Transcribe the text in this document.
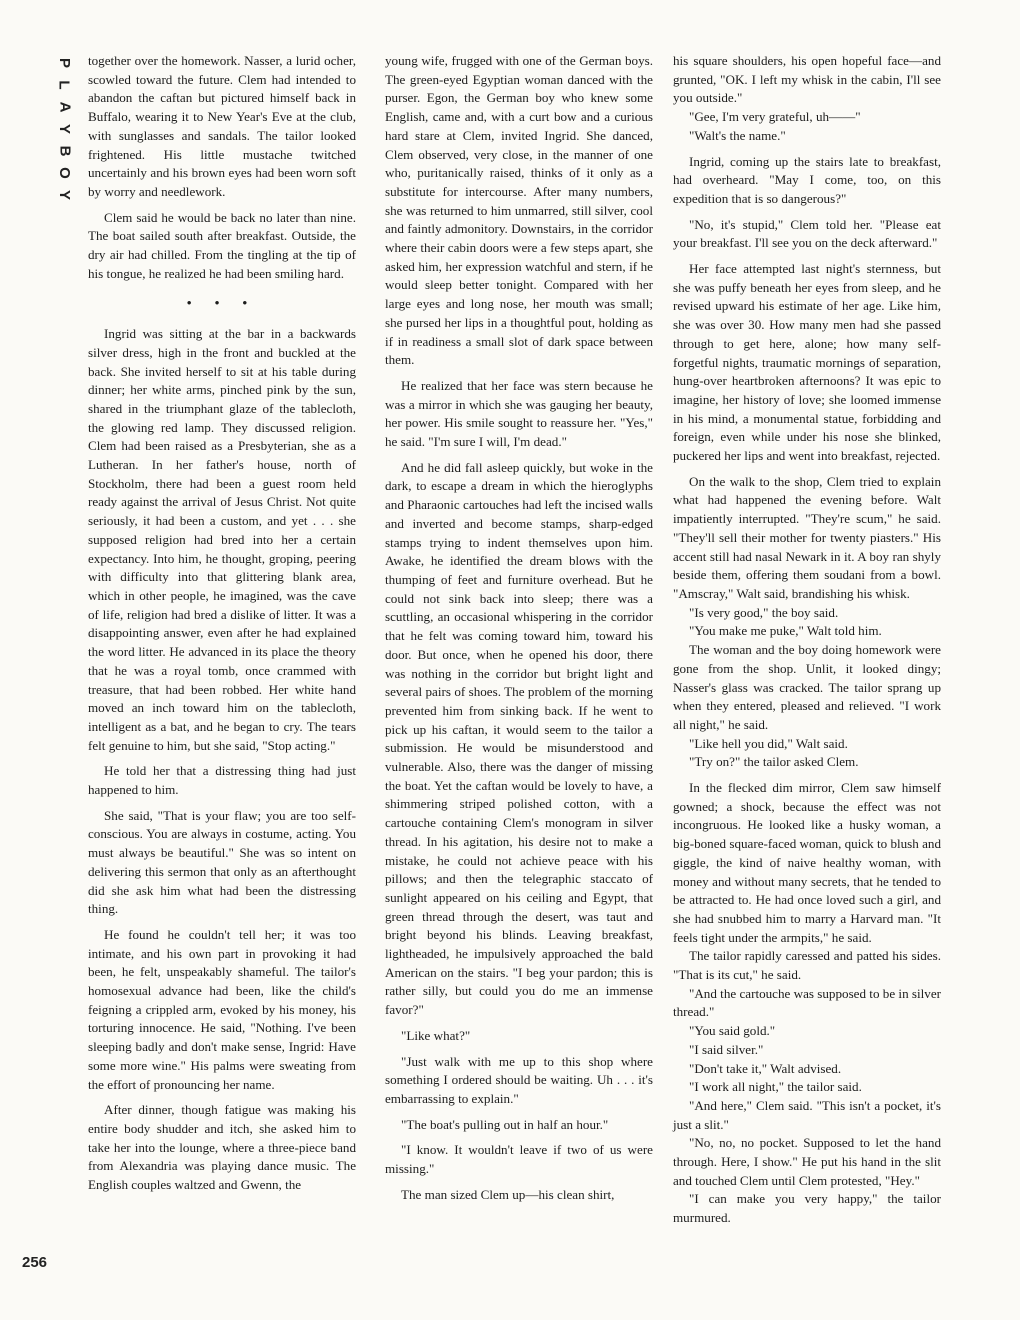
P
L
A
Y
B
O
Y
256

together over the homework. Nasser, a lurid ocher, scowled toward the future. Clem had intended to abandon the caftan but pictured himself back in Buffalo, wearing it to New Year's Eve at the club, with sunglasses and sandals. The tailor looked frightened. His little mustache twitched uncertainly and his brown eyes had been worn soft by worry and needlework.

Clem said he would be back no later than nine. The boat sailed south after breakfast. Outside, the dry air had chilled. From the tingling at the tip of his tongue, he realized he had been smiling hard.

• • •

Ingrid was sitting at the bar in a backwards silver dress, high in the front and buckled at the back. She invited herself to sit at his table during dinner; her white arms, pinched pink by the sun, shared in the triumphant glaze of the tablecloth, the glowing red lamp. They discussed religion. Clem had been raised as a Presbyterian, she as a Lutheran. In her father's house, north of Stockholm, there had been a guest room held ready against the arrival of Jesus Christ. Not quite seriously, it had been a custom, and yet . . . she supposed religion had bred into her a certain expectancy. Into him, he thought, groping, peering with difficulty into that glittering blank area, which in other people, he imagined, was the cave of life, religion had bred a dislike of litter. It was a disappointing answer, even after he had explained the word litter. He advanced in its place the theory that he was a royal tomb, once crammed with treasure, that had been robbed. Her white hand moved an inch toward him on the tablecloth, intelligent as a bat, and he began to cry. The tears felt genuine to him, but she said, "Stop acting."

He told her that a distressing thing had just happened to him.

She said, "That is your flaw; you are too self-conscious. You are always in costume, acting. You must always be beautiful." She was so intent on delivering this sermon that only as an afterthought did she ask him what had been the distressing thing.

He found he couldn't tell her; it was too intimate, and his own part in provoking it had been, he felt, unspeakably shameful. The tailor's homosexual advance had been, like the child's feigning a crippled arm, evoked by his money, his torturing innocence. He said, "Nothing. I've been sleeping badly and don't make sense, Ingrid: Have some more wine." His palms were sweating from the effort of pronouncing her name.

After dinner, though fatigue was making his entire body shudder and itch, she asked him to take her into the lounge, where a three-piece band from Alexandria was playing dance music. The English couples waltzed and Gwenn, the

young wife, frugged with one of the German boys. The green-eyed Egyptian woman danced with the purser. Egon, the German boy who knew some English, came and, with a curt bow and a curious hard stare at Clem, invited Ingrid. She danced, Clem observed, very close, in the manner of one who, puritanically raised, thinks of it only as a substitute for intercourse. After many numbers, she was returned to him unmarred, still silver, cool and faintly admonitory. Downstairs, in the corridor where their cabin doors were a few steps apart, she asked him, her expression watchful and stern, if he would sleep better tonight. Compared with her large eyes and long nose, her mouth was small; she pursed her lips in a thoughtful pout, holding as if in readiness a small slot of dark space between them.

He realized that her face was stern because he was a mirror in which she was gauging her beauty, her power. His smile sought to reassure her. "Yes," he said. "I'm sure I will, I'm dead."

And he did fall asleep quickly, but woke in the dark, to escape a dream in which the hieroglyphs and Pharaonic cartouches had left the incised walls and inverted and become stamps, sharp-edged stamps trying to indent themselves upon him. Awake, he identified the dream blows with the thumping of feet and furniture overhead. But he could not sink back into sleep; there was a scuttling, an occasional whispering in the corridor that he felt was coming toward him, toward his door. But once, when he opened his door, there was nothing in the corridor but bright light and several pairs of shoes. The problem of the morning prevented him from sinking back. If he went to pick up his caftan, it would seem to the tailor a submission. He would be misunderstood and vulnerable. Also, there was the danger of missing the boat. Yet the caftan would be lovely to have, a shimmering striped polished cotton, with a cartouche containing Clem's monogram in silver thread. In his agitation, his desire not to make a mistake, he could not achieve peace with his pillows; and then the telegraphic staccato of sunlight appeared on his ceiling and Egypt, that green thread through the desert, was taut and bright beyond his blinds. Leaving breakfast, lightheaded, he impulsively approached the bald American on the stairs. "I beg your pardon; this is rather silly, but could you do me an immense favor?"

"Like what?"

"Just walk with me up to this shop where something I ordered should be waiting. Uh . . . it's embarrassing to explain."

"The boat's pulling out in half an hour."

"I know. It wouldn't leave if two of us were missing."

The man sized Clem up—his clean shirt,

his square shoulders, his open hopeful face—and grunted, "OK. I left my whisk in the cabin, I'll see you outside."

"Gee, I'm very grateful, uh——"

"Walt's the name."

Ingrid, coming up the stairs late to breakfast, had overheard. "May I come, too, on this expedition that is so dangerous?"

"No, it's stupid," Clem told her. "Please eat your breakfast. I'll see you on the deck afterward."

Her face attempted last night's sternness, but she was puffy beneath her eyes from sleep, and he revised upward his estimate of her age. Like him, she was over 30. How many men had she passed through to get here, alone; how many self-forgetful nights, traumatic mornings of separation, hung-over heartbroken afternoons? It was epic to imagine, her history of love; she loomed immense in his mind, a monumental statue, forbidding and foreign, even while under his nose she blinked, puckered her lips and went into breakfast, rejected.

On the walk to the shop, Clem tried to explain what had happened the evening before. Walt impatiently interrupted. "They're scum," he said. "They'll sell their mother for twenty piasters." His accent still had nasal Newark in it. A boy ran shyly beside them, offering them soudani from a bowl. "Amscray," Walt said, brandishing his whisk.

"Is very good," the boy said.

"You make me puke," Walt told him.

The woman and the boy doing homework were gone from the shop. Unlit, it looked dingy; Nasser's glass was cracked. The tailor sprang up when they entered, pleased and relieved. "I work all night," he said.

"Like hell you did," Walt said.

"Try on?" the tailor asked Clem.

In the flecked dim mirror, Clem saw himself gowned; a shock, because the effect was not incongruous. He looked like a husky woman, a big-boned square-faced woman, quick to blush and giggle, the kind of naive healthy woman, with money and without many secrets, that he tended to be attracted to. He had once loved such a girl, and she had snubbed him to marry a Harvard man. "It feels tight under the armpits," he said.

The tailor rapidly caressed and patted his sides. "That is its cut," he said.

"And the cartouche was supposed to be in silver thread."

"You said gold."

"I said silver."

"Don't take it," Walt advised.

"I work all night," the tailor said.

"And here," Clem said. "This isn't a pocket, it's just a slit."

"No, no, no pocket. Supposed to let the hand through. Here, I show." He put his hand in the slit and touched Clem until Clem protested, "Hey."

"I can make you very happy," the tailor murmured.
